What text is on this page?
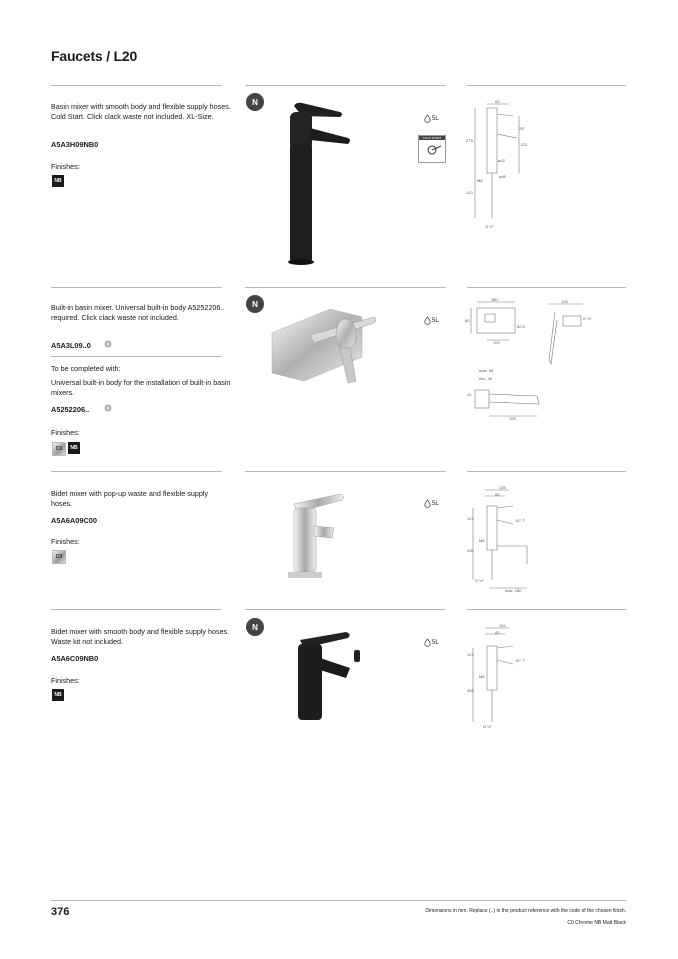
Faucets / L20
Basin mixer with smooth body and flexible supply hoses. Cold Start. Click clack waste not included. XL-Size.
A5A3H09NB0
Finishes:
NB
N
5L
COLD START
63
273
221
25°
ø42
ø49
M8
410
G ½"
Built-in basin mixer. Universal built-in body A5252206.. required. Click clack waste not included.
A5A3L09..0
To be completed with:
Universal built-in body for the installation of built-in basin mixers.
A5252206..
Finishes:
C0	NB
N
5L
180
80
82,5
100
125
G ½"
max. 65
min. 40
42
195
Bidet mixer with pop-up waste and flexible supply hoses.
A5A6A09C00
Finishes:
C0
5L
105
83
121	15° 7'
M8
430
G ½"
max. 160
Bidet mixer with smooth body and flexible supply hoses. Waste kit not included.
A5A6C09NB0
Finishes:
NB
N
5L
104
83
121
15° 7'
M8
355
G ½"
376	Dimensions in mm. Replace (..) in the product reference with the code of the chosen finish.
C0 Chrome NB Matt Black
